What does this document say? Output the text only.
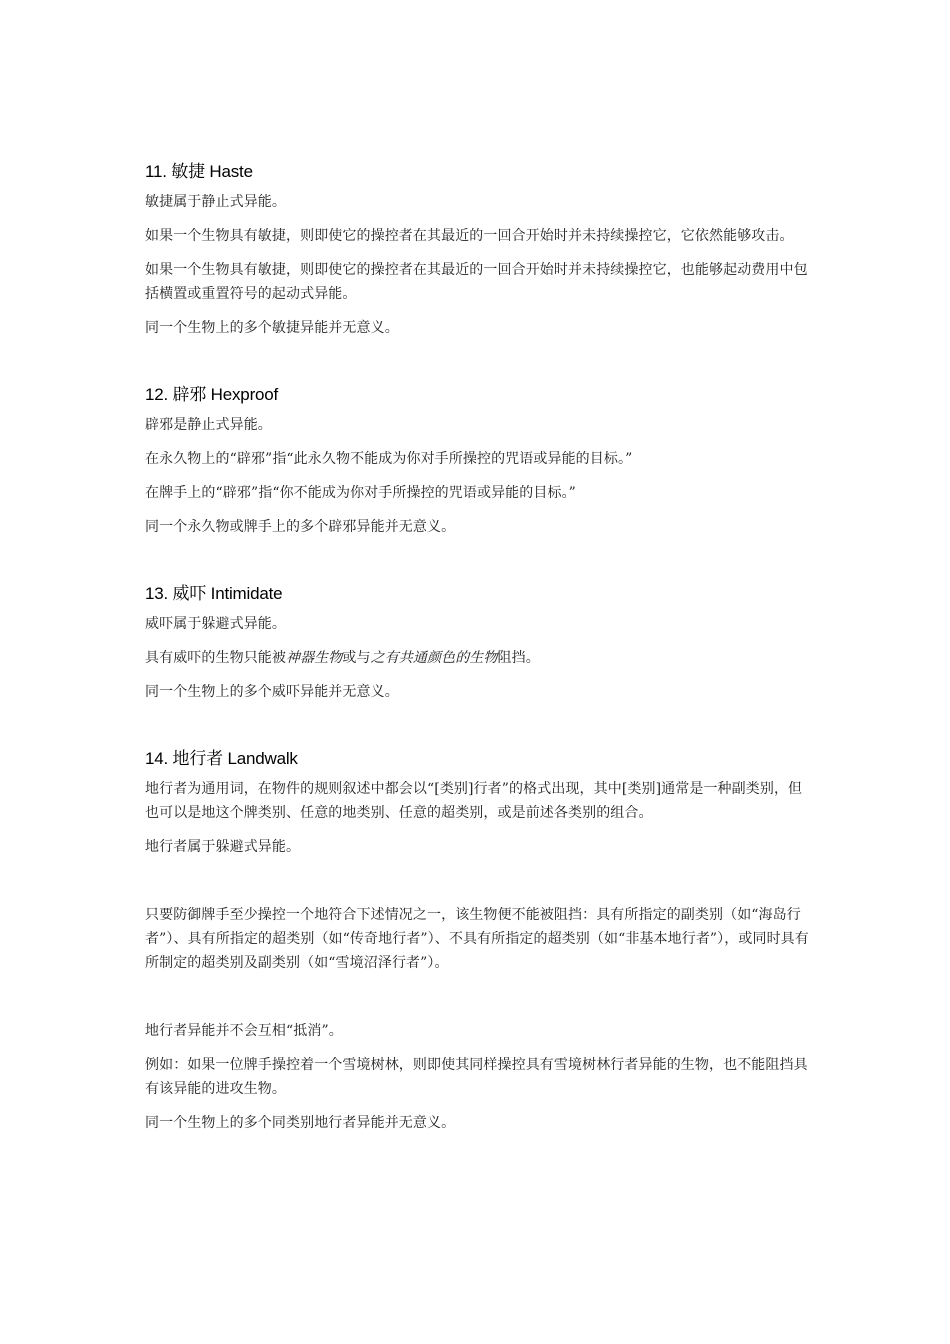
11. 敏捷 Haste

敏捷属于静止式异能。

如果一个生物具有敏捷，则即使它的操控者在其最近的一回合开始时并未持续操控它，它依然能够攻击。

如果一个生物具有敏捷，则即使它的操控者在其最近的一回合开始时并未持续操控它，也能够起动费用中包括横置或重置符号的起动式异能。

同一个生物上的多个敏捷异能并无意义。

12. 辟邪 Hexproof

辟邪是静止式异能。

在永久物上的“辟邪”指“此永久物不能成为你对手所操控的咒语或异能的目标。”

在牌手上的“辟邪”指“你不能成为你对手所操控的咒语或异能的目标。”

同一个永久物或牌手上的多个辟邪异能并无意义。

13. 威吓 Intimidate

威吓属于躲避式异能。

具有威吓的生物只能被神器生物或与之有共通颜色的生物阻挡。

同一个生物上的多个威吓异能并无意义。

14. 地行者 Landwalk

地行者为通用词，在物件的规则叙述中都会以“[类别]行者”的格式出现，其中[类别]通常是一种副类别，但也可以是地这个牌类别、任意的地类别、任意的超类别，或是前述各类别的组合。

地行者属于躲避式异能。

只要防御牌手至少操控一个地符合下述情况之一，该生物便不能被阻挡：具有所指定的副类别（如“海岛行者”）、具有所指定的超类别（如“传奇地行者”）、不具有所指定的超类别（如“非基本地行者”），或同时具有所制定的超类别及副类别（如“雪境沼泽行者”）。

地行者异能并不会互相“抵消”。

例如：如果一位牌手操控着一个雪境树林，则即使其同样操控具有雪境树林行者异能的生物，也不能阻挡具有该异能的进攻生物。

同一个生物上的多个同类别地行者异能并无意义。
